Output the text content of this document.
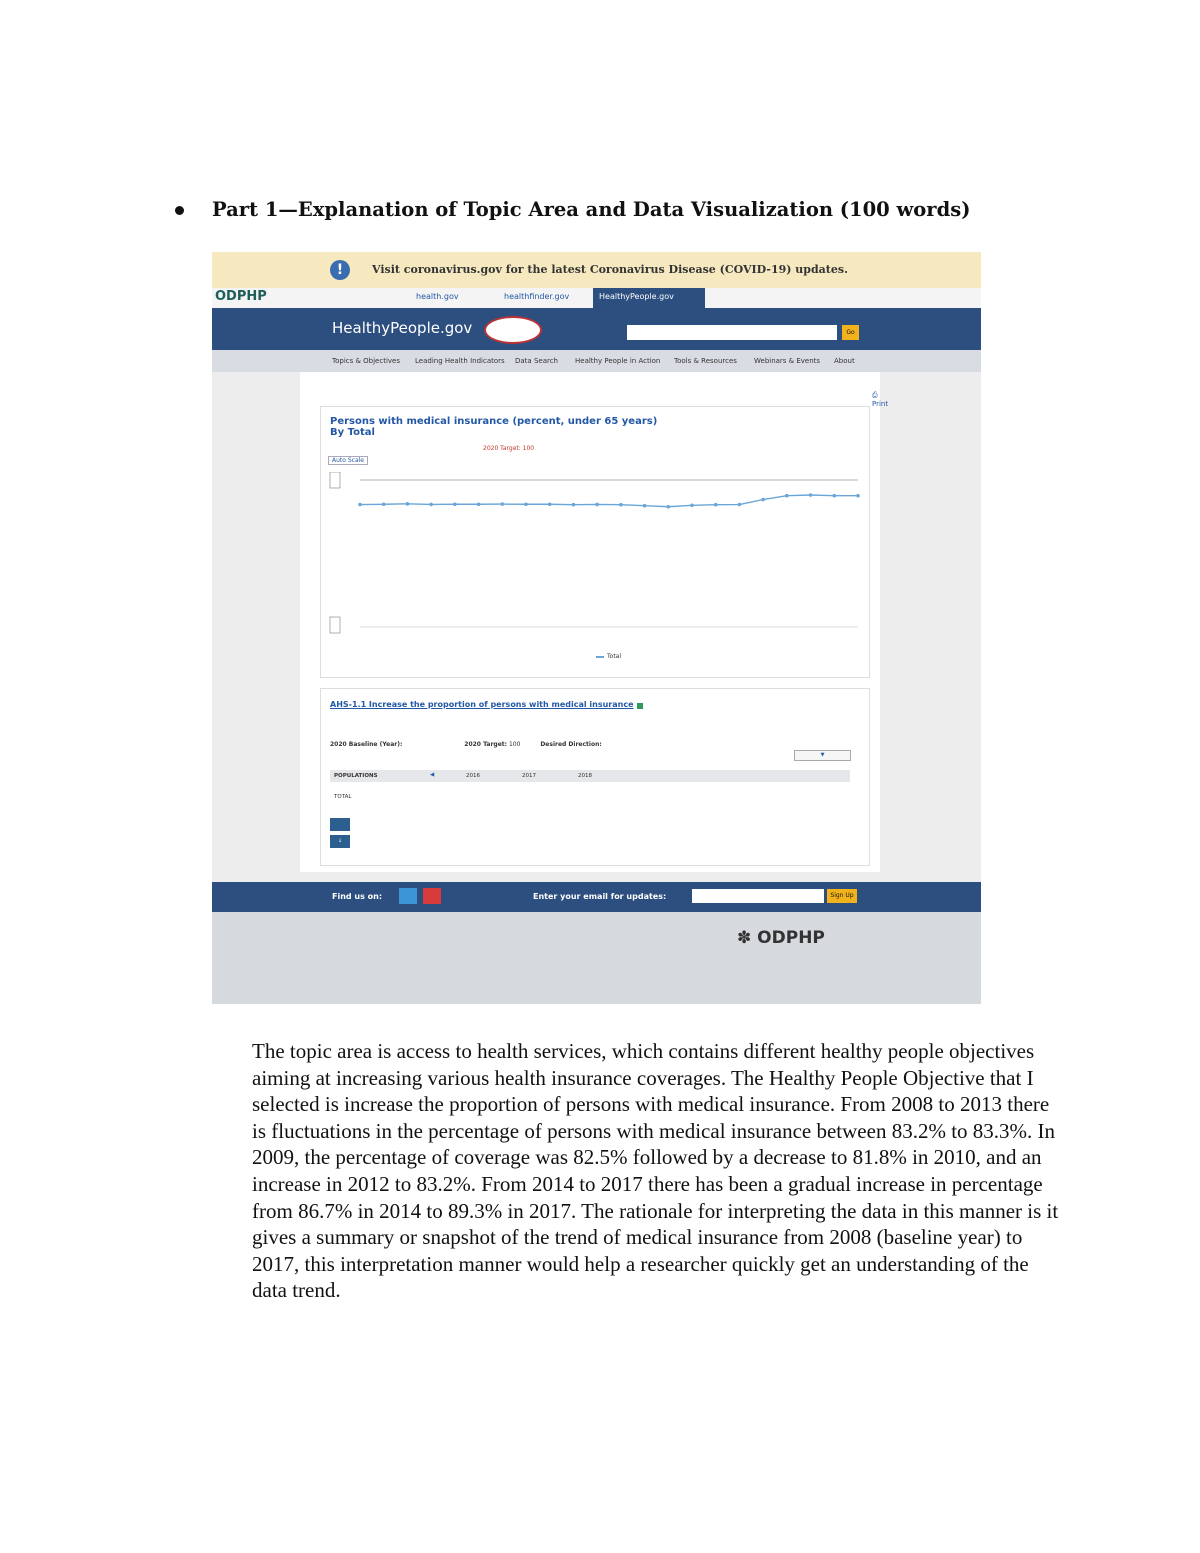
Part 1—Explanation of Topic Area and Data Visualization (100 words)
!	Visit coronavirus.gov for the latest Coronavirus Disease (COVID-19) updates.
ODPHP	health.gov	healthfinder.gov	HealthyPeople.gov
HealthyPeople.gov	Go
Topics & Objectives Leading Health Indicators Data Search Healthy People in Action Tools & Resources Webinars & Events About
⎙ Print
Persons with medical insurance (percent, under 65 years)
By Total
2020 Target: 100
Auto Scale
Total
AHS-1.1 Increase the proportion of persons with medical insurance
2020 Baseline (Year):	2020 Target: 100	Desired Direction:
▼
POPULATIONS	◀	2016	2017	2018
TOTAL
↓
Find us on:	Enter your email for updates:	Sign Up
✽ ODPHP
The topic area is access to health services, which contains different healthy people objectives aiming at increasing various health insurance coverages. The Healthy People Objective that I selected is increase the proportion of persons with medical insurance. From 2008 to 2013 there is fluctuations in the percentage of persons with medical insurance between 83.2% to 83.3%. In 2009, the percentage of coverage was 82.5% followed by a decrease to 81.8% in 2010, and an increase in 2012 to 83.2%. From 2014 to 2017 there has been a gradual increase in percentage from 86.7% in 2014 to 89.3% in 2017. The rationale for interpreting the data in this manner is it gives a summary or snapshot of the trend of medical insurance from 2008 (baseline year) to 2017, this interpretation manner would help a researcher quickly get an understanding of the data trend.
